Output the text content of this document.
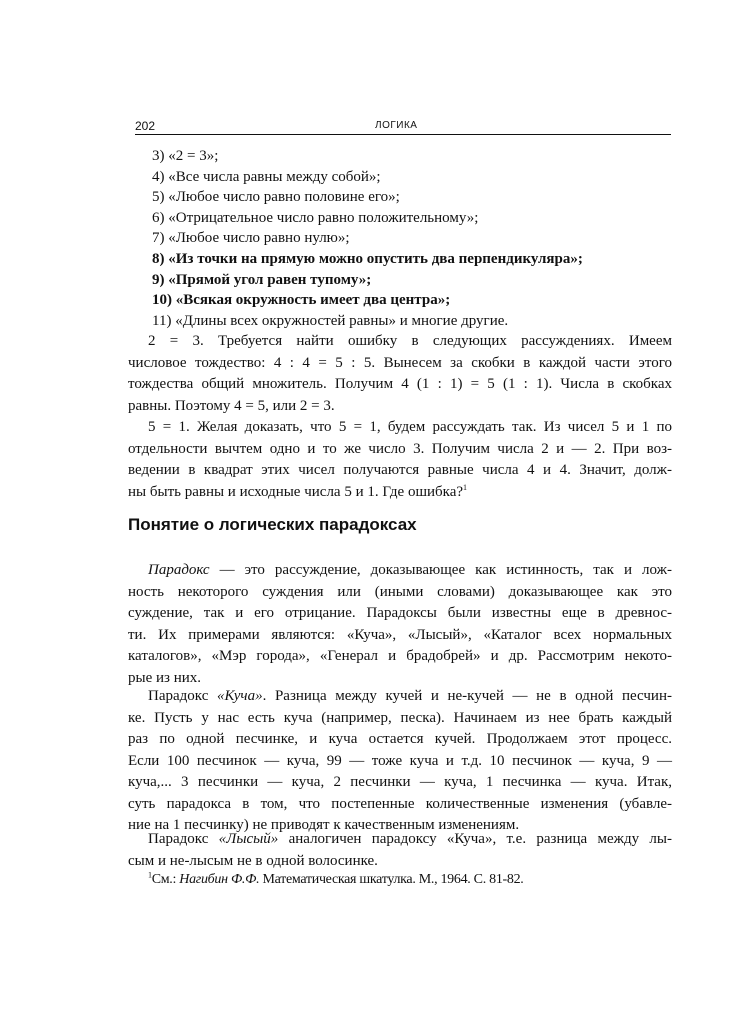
202	ЛОГИКА
3) «2 = 3»;
4) «Все числа равны между собой»;
5) «Любое число равно половине его»;
6) «Отрицательное число равно положительному»;
7) «Любое число равно нулю»;
8) «Из точки на прямую можно опустить два перпендикуляра»;
9) «Прямой угол равен тупому»;
10) «Всякая окружность имеет два центра»;
11) «Длины всех окружностей равны» и многие другие.
2 = 3. Требуется найти ошибку в следующих рассуждениях. Имеем
числовое тождество: 4 : 4 = 5 : 5. Вынесем за скобки в каждой части этого
тождества общий множитель. Получим 4 (1 : 1) = 5 (1 : 1). Числа в скобках
равны. Поэтому 4 = 5, или 2 = 3.
5 = 1. Желая доказать, что 5 = 1, будем рассуждать так. Из чисел 5 и 1 по
отдельности вычтем одно и то же число 3. Получим числа 2 и — 2. При воз-
ведении в квадрат этих чисел получаются равные числа 4 и 4. Значит, долж-
ны быть равны и исходные числа 5 и 1. Где ошибка?$^1$
Понятие о логических парадоксах
Парадокс — это рассуждение, доказывающее как истинность, так и лож-
ность некоторого суждения или (иными словами) доказывающее как это
суждение, так и его отрицание. Парадоксы были известны еще в древнос-
ти. Их примерами являются: «Куча», «Лысый», «Каталог всех нормальных
каталогов», «Мэр города», «Генерал и брадобрей» и др. Рассмотрим некото-
рые из них.
Парадокс «Куча». Разница между кучей и не-кучей — не в одной песчин-
ке. Пусть у нас есть куча (например, песка). Начинаем из нее брать каждый
раз по одной песчинке, и куча остается кучей. Продолжаем этот процесс.
Если 100 песчинок — куча, 99 — тоже куча и т.д. 10 песчинок — куча, 9 —
куча,... 3 песчинки — куча, 2 песчинки — куча, 1 песчинка — куча. Итак,
суть парадокса в том, что постепенные количественные изменения (убавле-
ние на 1 песчинку) не приводят к качественным изменениям.
Парадокс «Лысый» аналогичен парадоксу «Куча», т.е. разница между лы-
сым и не-лысым не в одной волосинке.
$^1$См.: Нагибин Ф.Ф. Математическая шкатулка. М., 1964. С. 81-82.
